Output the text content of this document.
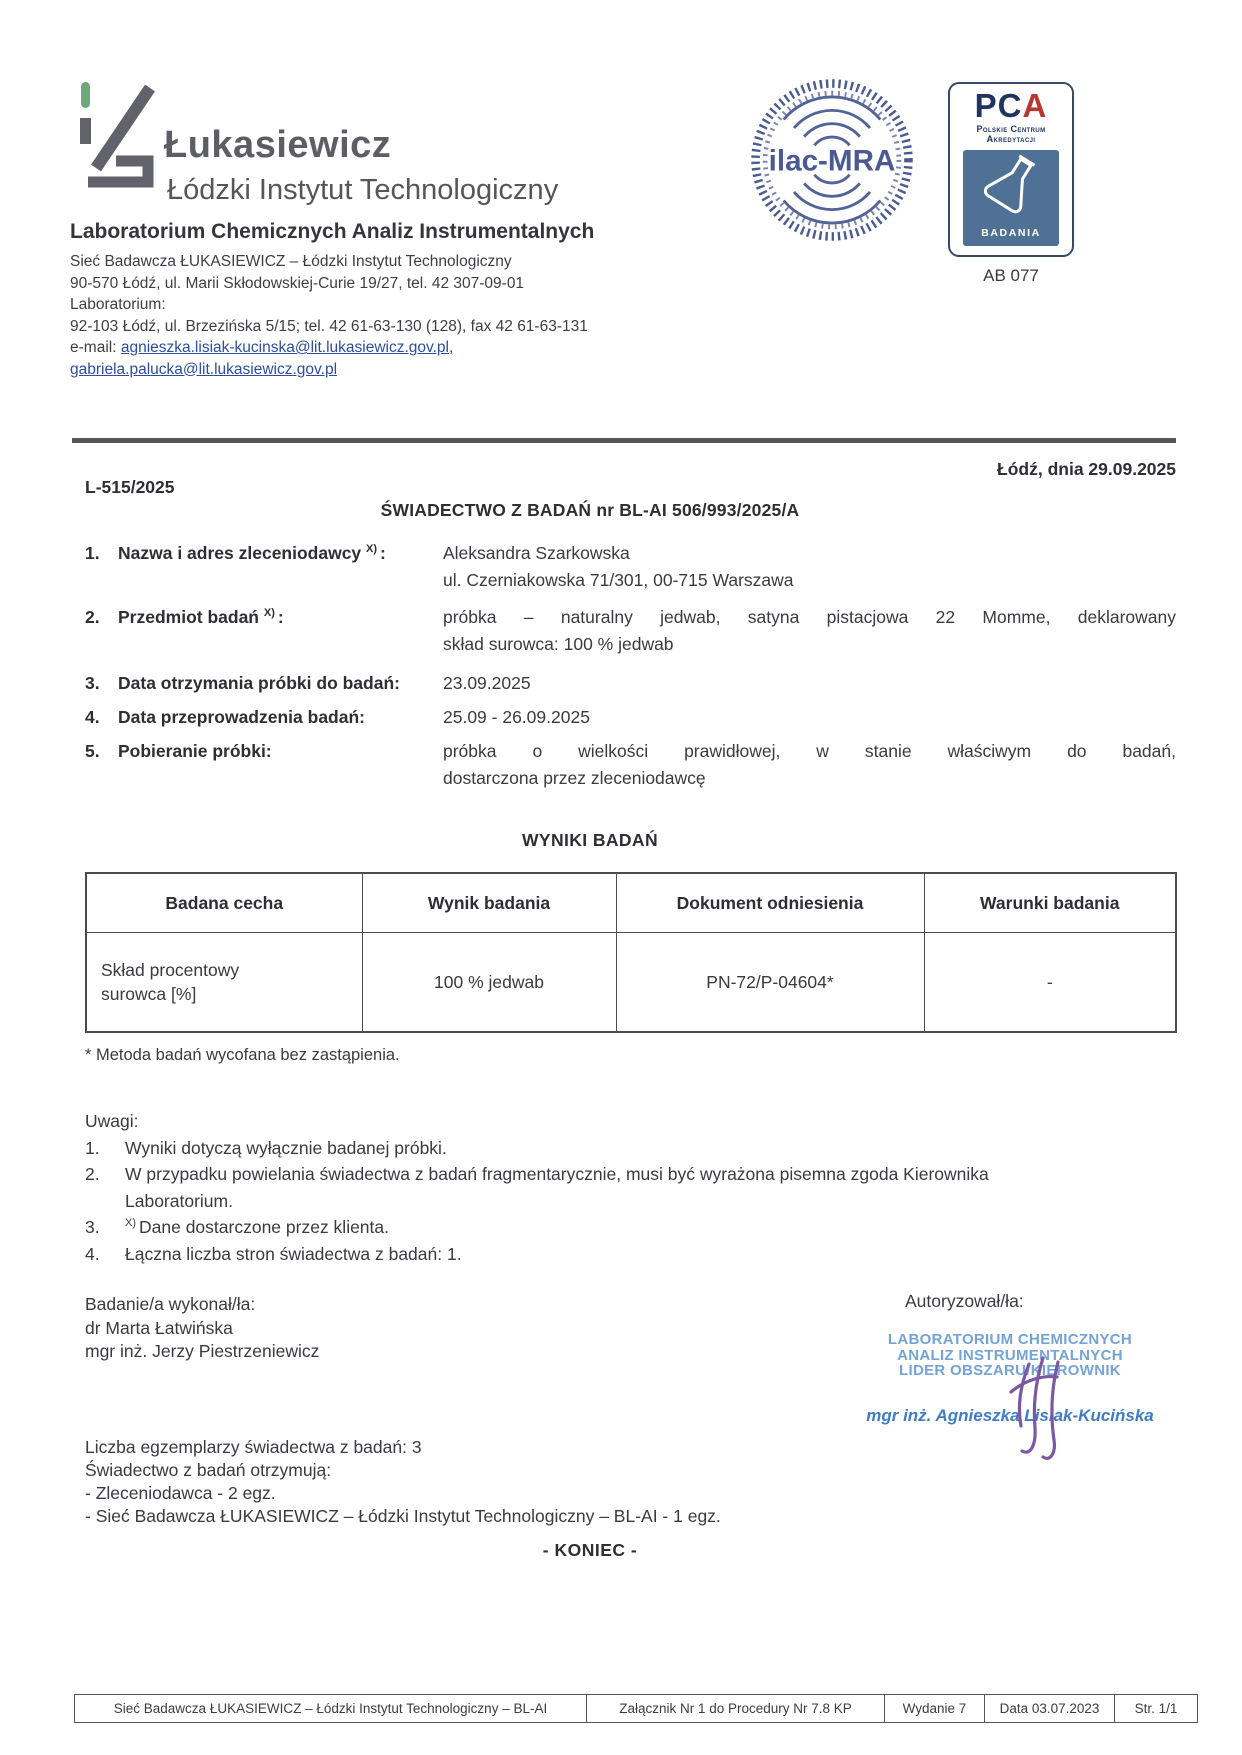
Łukasiewicz
Łódzki Instytut Technologiczny
Laboratorium Chemicznych Analiz Instrumentalnych
Sieć Badawcza ŁUKASIEWICZ – Łódzki Instytut Technologiczny
90-570 Łódź, ul. Marii Skłodowskiej-Curie 19/27, tel. 42 307-09-01
Laboratorium:
92-103 Łódź, ul. Brzezińska 5/15; tel. 42 61-63-130 (128), fax 42 61-63-131
e-mail: agnieszka.lisiak-kucinska@lit.lukasiewicz.gov.pl,
gabriela.palucka@lit.lukasiewicz.gov.pl
ilac-MRA
PCA
Polskie Centrum
Akredytacji
BADANIA
AB 077
Łódź, dnia 29.09.2025
L-515/2025
ŚWIADECTWO Z BADAŃ nr BL-AI 506/993/2025/A
1.	Nazwa i adres zleceniodawcy $^{X)}$ :	Aleksandra Szarkowska
ul. Czerniakowska 71/301, 00-715 Warszawa
2.	Przedmiot badań $^{X)}$ :	próbka – naturalny jedwab, satyna pistacjowa 22 Momme, deklarowany
skład surowca: 100 % jedwab
3.	Data otrzymania próbki do badań:	23.09.2025
4.	Data przeprowadzenia badań:	25.09 - 26.09.2025
5.	Pobieranie próbki:	próbka o wielkości prawidłowej, w stanie właściwym do badań,
dostarczona przez zleceniodawcę
WYNIKI BADAŃ
Badana cecha	Wynik badania	Dokument odniesienia	Warunki badania
Skład procentowy surowca [%]	100 % jedwab	PN-72/P-04604*	-
* Metoda badań wycofana bez zastąpienia.
Uwagi:
1.	Wyniki dotyczą wyłącznie badanej próbki.
2.	W przypadku powielania świadectwa z badań fragmentarycznie, musi być wyrażona pisemna zgoda Kierownika
Laboratorium.
3.	$^{X)}$ Dane dostarczone przez klienta.
4.	Łączna liczba stron świadectwa z badań: 1.
Badanie/a wykonał/ła:
dr Marta Łatwińska
mgr inż. Jerzy Piestrzeniewicz
Autoryzował/ła:
LABORATORIUM CHEMICZNYCH
ANALIZ INSTRUMENTALNYCH
LIDER OBSZARU/KIEROWNIK
mgr inż. Agnieszka Lisiak-Kucińska
Liczba egzemplarzy świadectwa z badań: 3
Świadectwo z badań otrzymują:
- Zleceniodawca - 2 egz.
- Sieć Badawcza ŁUKASIEWICZ – Łódzki Instytut Technologiczny – BL-AI - 1 egz.
- KONIEC -
Sieć Badawcza ŁUKASIEWICZ – Łódzki Instytut Technologiczny – BL-AI	Załącznik Nr 1 do Procedury Nr 7.8 KP	Wydanie 7	Data 03.07.2023	Str. 1/1
